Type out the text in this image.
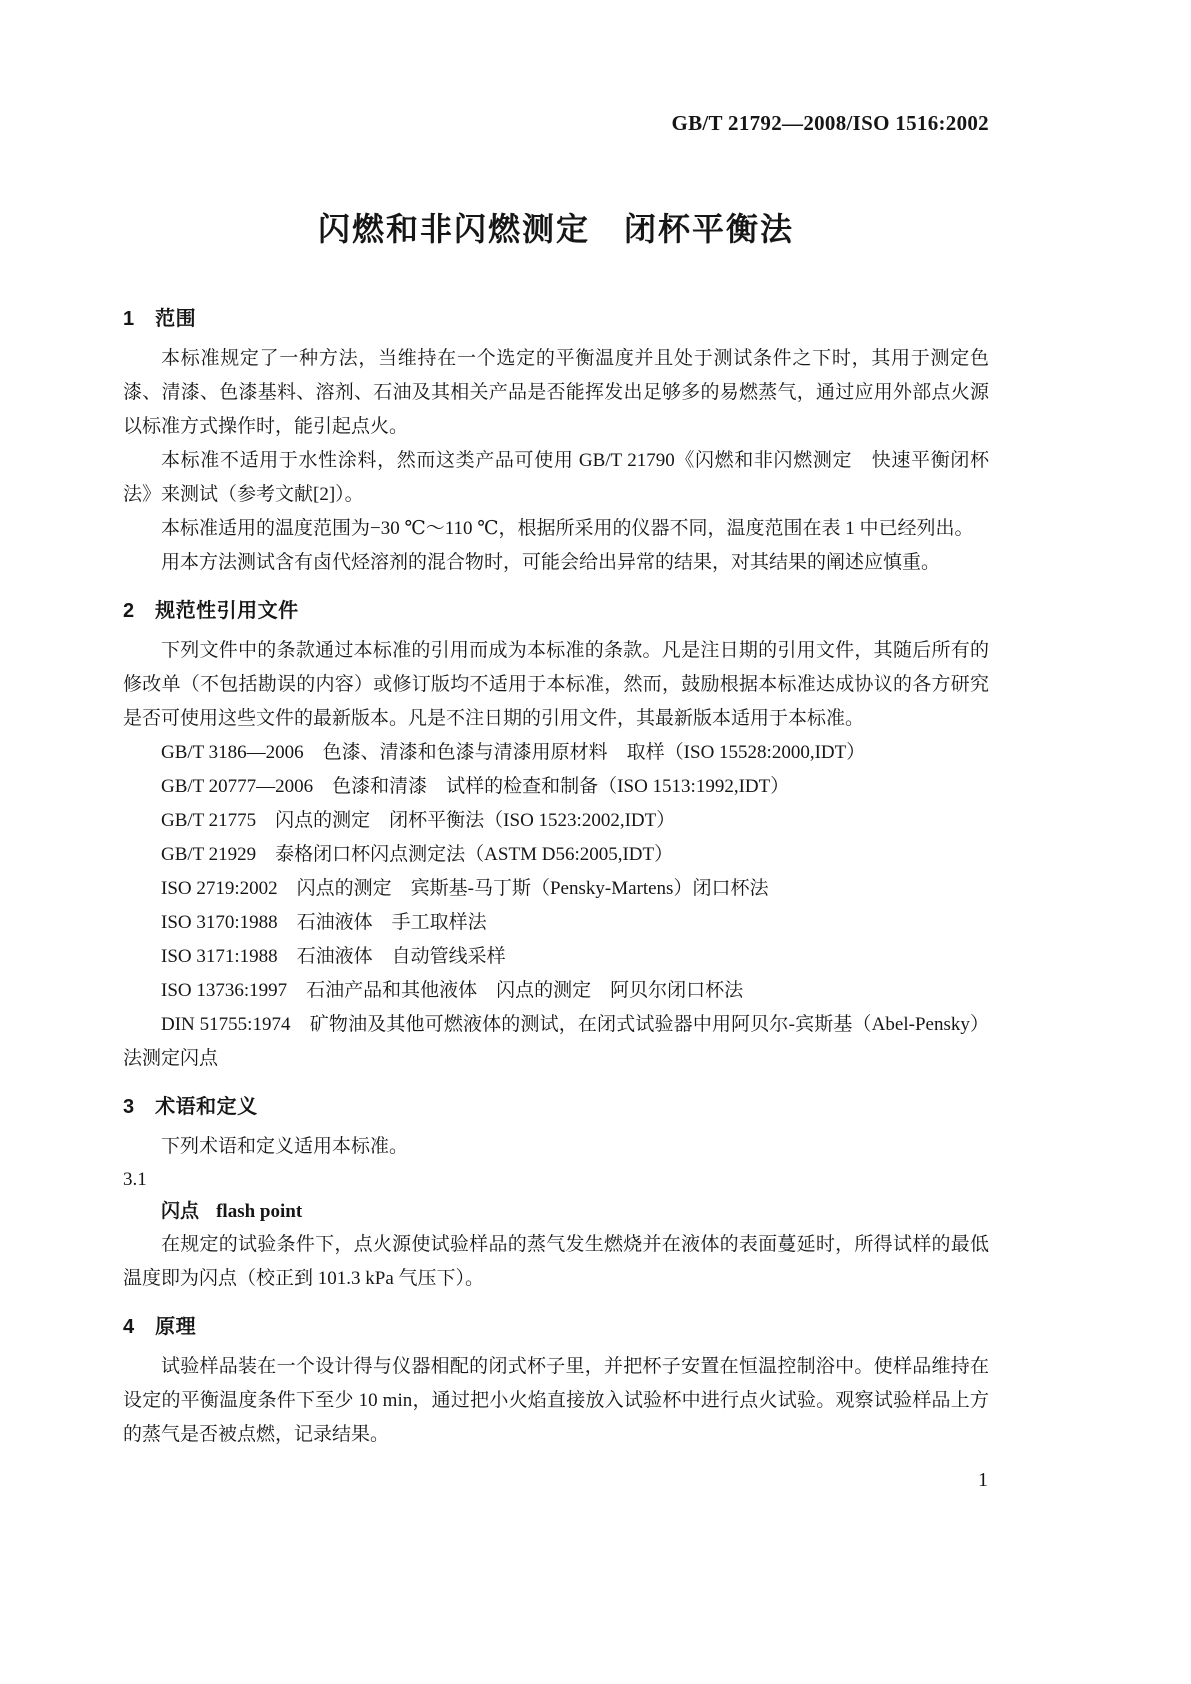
GB/T 21792—2008/ISO 1516:2002
闪燃和非闪燃测定　闭杯平衡法
1　范围

本标准规定了一种方法，当维持在一个选定的平衡温度并且处于测试条件之下时，其用于测定色漆、清漆、色漆基料、溶剂、石油及其相关产品是否能挥发出足够多的易燃蒸气，通过应用外部点火源以标准方式操作时，能引起点火。

本标准不适用于水性涂料，然而这类产品可使用 GB/T 21790《闪燃和非闪燃测定　快速平衡闭杯法》来测试（参考文献[2]）。

本标准适用的温度范围为−30 ℃～110 ℃，根据所采用的仪器不同，温度范围在表 1 中已经列出。

用本方法测试含有卤代烃溶剂的混合物时，可能会给出异常的结果，对其结果的阐述应慎重。

2　规范性引用文件

下列文件中的条款通过本标准的引用而成为本标准的条款。凡是注日期的引用文件，其随后所有的修改单（不包括勘误的内容）或修订版均不适用于本标准，然而，鼓励根据本标准达成协议的各方研究是否可使用这些文件的最新版本。凡是不注日期的引用文件，其最新版本适用于本标准。

GB/T 3186—2006　色漆、清漆和色漆与清漆用原材料　取样（ISO 15528:2000,IDT）

GB/T 20777—2006　色漆和清漆　试样的检查和制备（ISO 1513:1992,IDT）

GB/T 21775　闪点的测定　闭杯平衡法（ISO 1523:2002,IDT）

GB/T 21929　泰格闭口杯闪点测定法（ASTM D56:2005,IDT）

ISO 2719:2002　闪点的测定　宾斯基-马丁斯（Pensky-Martens）闭口杯法

ISO 3170:1988　石油液体　手工取样法

ISO 3171:1988　石油液体　自动管线采样

ISO 13736:1997　石油产品和其他液体　闪点的测定　阿贝尔闭口杯法

DIN 51755:1974　矿物油及其他可燃液体的测试，在闭式试验器中用阿贝尔-宾斯基（Abel-Pensky）法测定闪点

3　术语和定义

下列术语和定义适用本标准。

3.1

闪点 flash point

在规定的试验条件下，点火源使试验样品的蒸气发生燃烧并在液体的表面蔓延时，所得试样的最低温度即为闪点（校正到 101.3 kPa 气压下）。

4　原理

试验样品装在一个设计得与仪器相配的闭式杯子里，并把杯子安置在恒温控制浴中。使样品维持在设定的平衡温度条件下至少 10 min，通过把小火焰直接放入试验杯中进行点火试验。观察试验样品上方的蒸气是否被点燃，记录结果。

1
